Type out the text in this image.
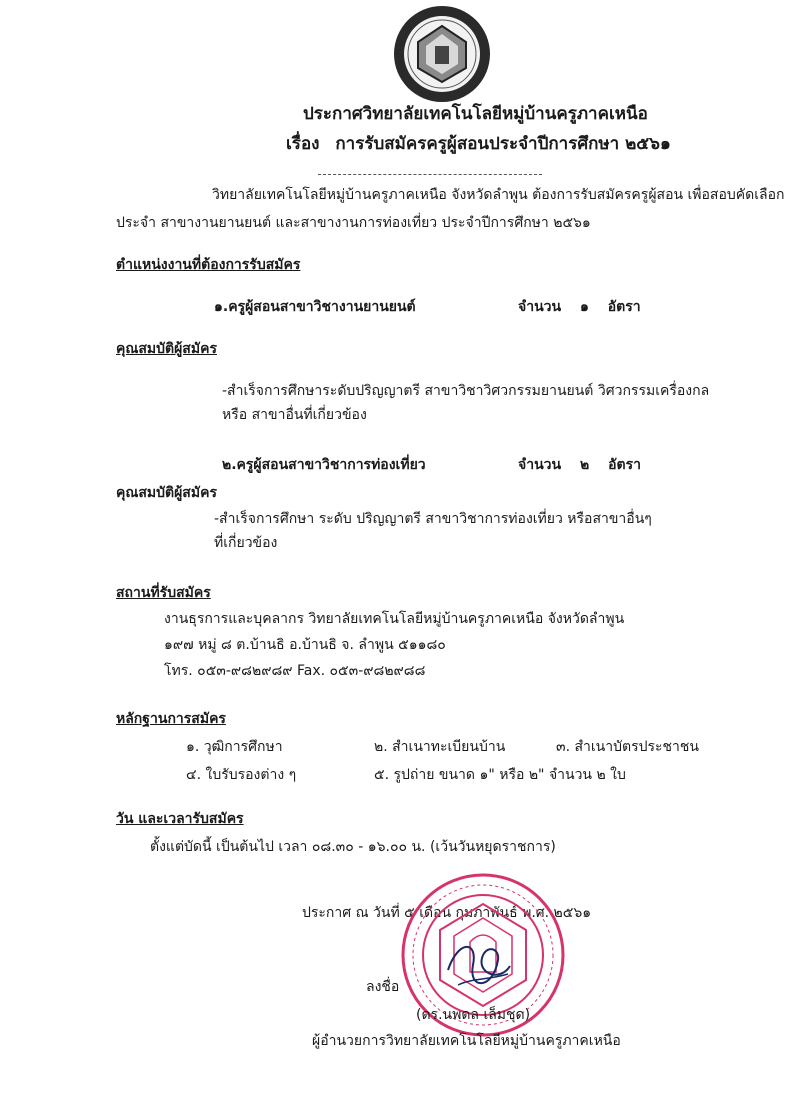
ประกาศวิทยาลัยเทคโนโลยีหมู่บ้านครูภาคเหนือ
เรื่อง การรับสมัครครูผู้สอนประจำปีการศึกษา ๒๕๖๑
วิทยาลัยเทคโนโลยีหมู่บ้านครูภาคเหนือ จังหวัดลำพูน ต้องการรับสมัครครูผู้สอน เพื่อสอบคัดเลือก
ประจำ สาขางานยานยนต์ และสาขางานการท่องเที่ยว ประจำปีการศึกษา ๒๕๖๑
ตำแหน่งงานที่ต้องการรับสมัคร
๑.ครูผู้สอนสาขาวิชางานยานยนต์	จำนวน ๑ อัตรา
คุณสมบัติผู้สมัคร
-สำเร็จการศึกษาระดับปริญญาตรี สาขาวิชาวิศวกรรมยานยนต์ วิศวกรรมเครื่องกล
หรือ สาขาอื่นที่เกี่ยวข้อง
๒.ครูผู้สอนสาขาวิชาการท่องเที่ยว	จำนวน ๒ อัตรา
คุณสมบัติผู้สมัคร
-สำเร็จการศึกษา ระดับ ปริญญาตรี สาขาวิชาการท่องเที่ยว หรือสาขาอื่นๆ
ที่เกี่ยวข้อง
สถานที่รับสมัคร
งานธุรการและบุคลากร วิทยาลัยเทคโนโลยีหมู่บ้านครูภาคเหนือ จังหวัดลำพูน
๑๙๗ หมู่ ๘ ต.บ้านธิ อ.บ้านธิ จ. ลำพูน ๕๑๑๘๐
โทร. ๐๕๓-๙๘๒๙๘๙ Fax. ๐๕๓-๙๘๒๙๘๘
หลักฐานการสมัคร
๑. วุฒิการศึกษา	๒. สำเนาทะเบียนบ้าน	๓. สำเนาบัตรประชาชน
๔. ใบรับรองต่าง ๆ	๕. รูปถ่าย ขนาด ๑" หรือ ๒" จำนวน ๒ ใบ
วัน และเวลารับสมัคร
ตั้งแต่บัดนี้ เป็นต้นไป เวลา ๐๘.๓๐ - ๑๖.๐๐ น. (เว้นวันหยุดราชการ)
ประกาศ ณ วันที่ ๕ เดือน กุมภาพันธ์ พ.ศ. ๒๕๖๑
ลงชื่อ
(ดร.นพดล เล็มชุด)
ผู้อำนวยการวิทยาลัยเทคโนโลยีหมู่บ้านครูภาคเหนือ
